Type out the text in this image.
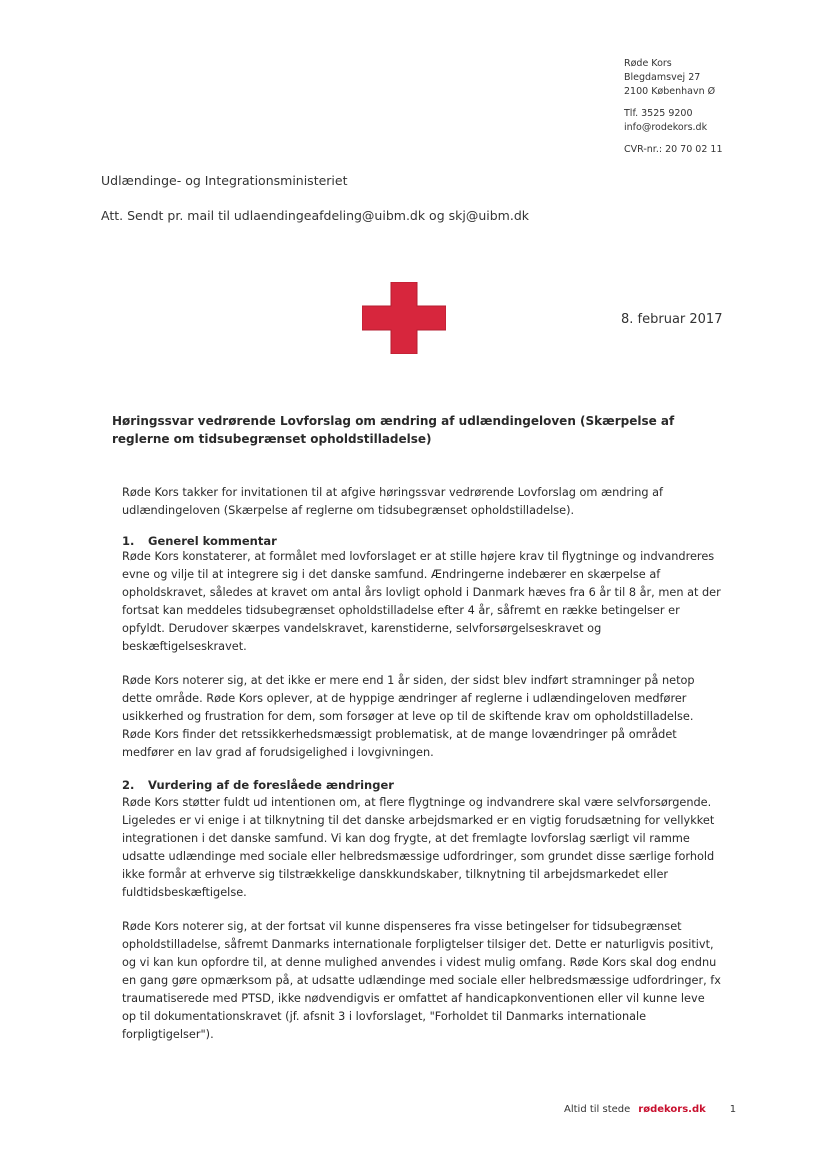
Røde Kors
Blegdamsvej 27
2100 København Ø
Tlf. 3525 9200
info@rodekors.dk
CVR-nr.: 20 70 02 11
Udlændinge- og Integrationsministeriet
Att. Sendt pr. mail til udlaendingeafdeling@uibm.dk og skj@uibm.dk
8. februar 2017
Høringssvar vedrørende Lovforslag om ændring af udlændingeloven (Skærpelse af reglerne om tidsubegrænset opholdstilladelse)
Røde Kors takker for invitationen til at afgive høringssvar vedrørende Lovforslag om ændring af udlændingeloven (Skærpelse af reglerne om tidsubegrænset opholdstilladelse).
1. Generel kommentar
Røde Kors konstaterer, at formålet med lovforslaget er at stille højere krav til flygtninge og indvandreres evne og vilje til at integrere sig i det danske samfund. Ændringerne indebærer en skærpelse af opholdskravet, således at kravet om antal års lovligt ophold i Danmark hæves fra 6 år til 8 år, men at der fortsat kan meddeles tidsubegrænset opholdstilladelse efter 4 år, såfremt en række betingelser er opfyldt. Derudover skærpes vandelskravet, karenstiderne, selvforsørgelseskravet og beskæftigelseskravet.
Røde Kors noterer sig, at det ikke er mere end 1 år siden, der sidst blev indført stramninger på netop dette område. Røde Kors oplever, at de hyppige ændringer af reglerne i udlændingeloven medfører usikkerhed og frustration for dem, som forsøger at leve op til de skiftende krav om opholdstilladelse. Røde Kors finder det retssikkerhedsmæssigt problematisk, at de mange lovændringer på området medfører en lav grad af forudsigelighed i lovgivningen.
2. Vurdering af de foreslåede ændringer
Røde Kors støtter fuldt ud intentionen om, at flere flygtninge og indvandrere skal være selvforsørgende. Ligeledes er vi enige i at tilknytning til det danske arbejdsmarked er en vigtig forudsætning for vellykket integrationen i det danske samfund. Vi kan dog frygte, at det fremlagte lovforslag særligt vil ramme udsatte udlændinge med sociale eller helbredsmæssige udfordringer, som grundet disse særlige forhold ikke formår at erhverve sig tilstrækkelige danskkundskaber, tilknytning til arbejdsmarkedet eller fuldtidsbeskæftigelse.
Røde Kors noterer sig, at der fortsat vil kunne dispenseres fra visse betingelser for tidsubegrænset opholdstilladelse, såfremt Danmarks internationale forpligtelser tilsiger det. Dette er naturligvis positivt, og vi kan kun opfordre til, at denne mulighed anvendes i videst mulig omfang. Røde Kors skal dog endnu en gang gøre opmærksom på, at udsatte udlændinge med sociale eller helbredsmæssige udfordringer, fx traumatiserede med PTSD, ikke nødvendigvis er omfattet af handicapkonventionen eller vil kunne leve op til dokumentationskravet (jf. afsnit 3 i lovforslaget, "Forholdet til Danmarks internationale forpligtigelser").
Altid til stede rødekors.dk 1
